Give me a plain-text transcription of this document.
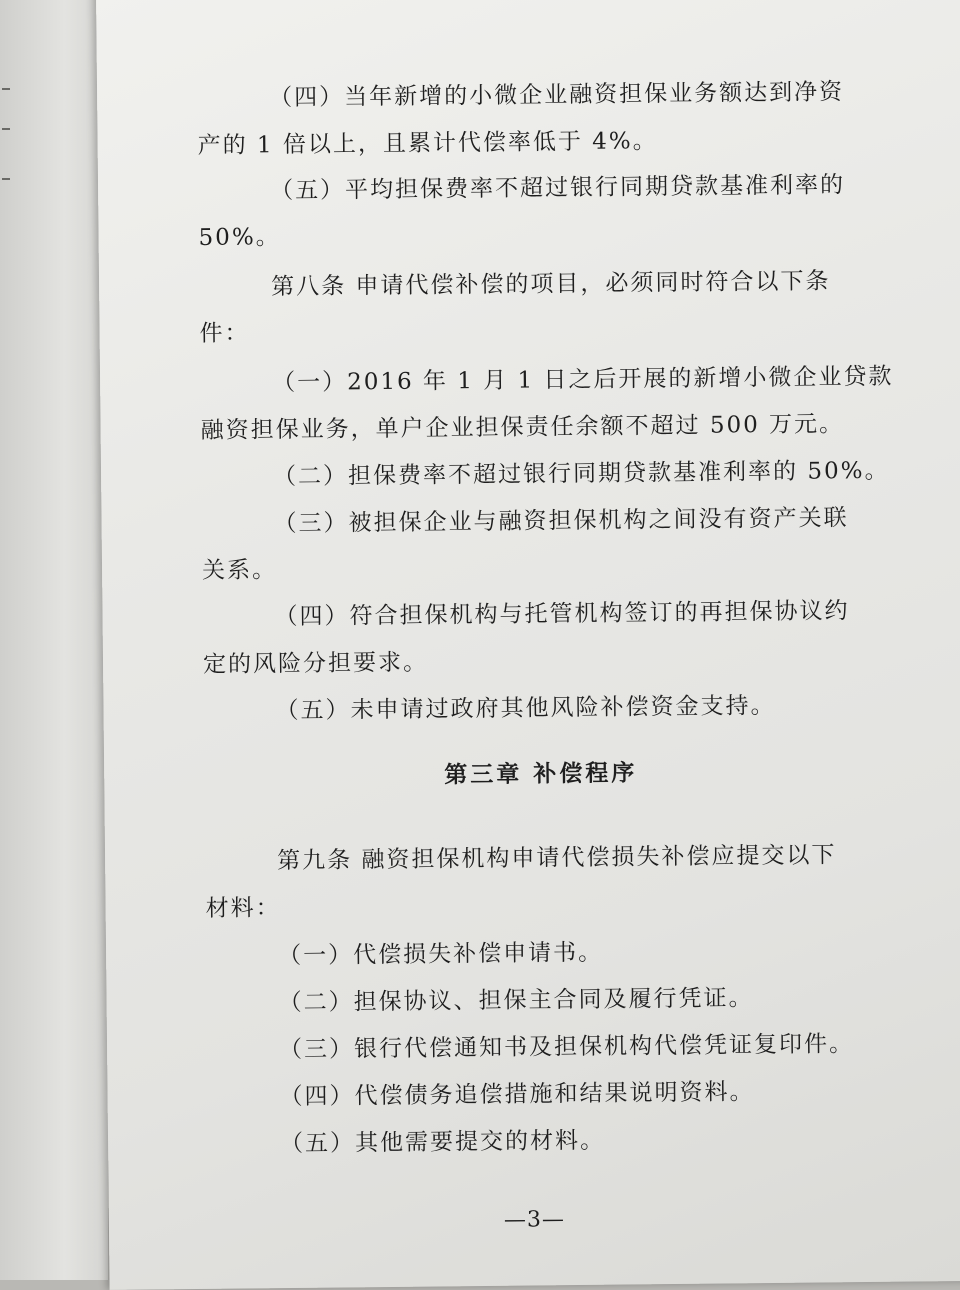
（四）当年新增的小微企业融资担保业务额达到净资
产的 1 倍以上，且累计代偿率低于 4%。
（五）平均担保费率不超过银行同期贷款基准利率的
50%。
第八条 申请代偿补偿的项目，必须同时符合以下条
件：
（一）2016 年 1 月 1 日之后开展的新增小微企业贷款
融资担保业务，单户企业担保责任余额不超过 500 万元。
（二）担保费率不超过银行同期贷款基准利率的 50%。
（三）被担保企业与融资担保机构之间没有资产关联
关系。
（四）符合担保机构与托管机构签订的再担保协议约
定的风险分担要求。
（五）未申请过政府其他风险补偿资金支持。
第三章 补偿程序
第九条 融资担保机构申请代偿损失补偿应提交以下
材料：
（一）代偿损失补偿申请书。
（二）担保协议、担保主合同及履行凭证。
（三）银行代偿通知书及担保机构代偿凭证复印件。
（四）代偿债务追偿措施和结果说明资料。
（五）其他需要提交的材料。
—3—
